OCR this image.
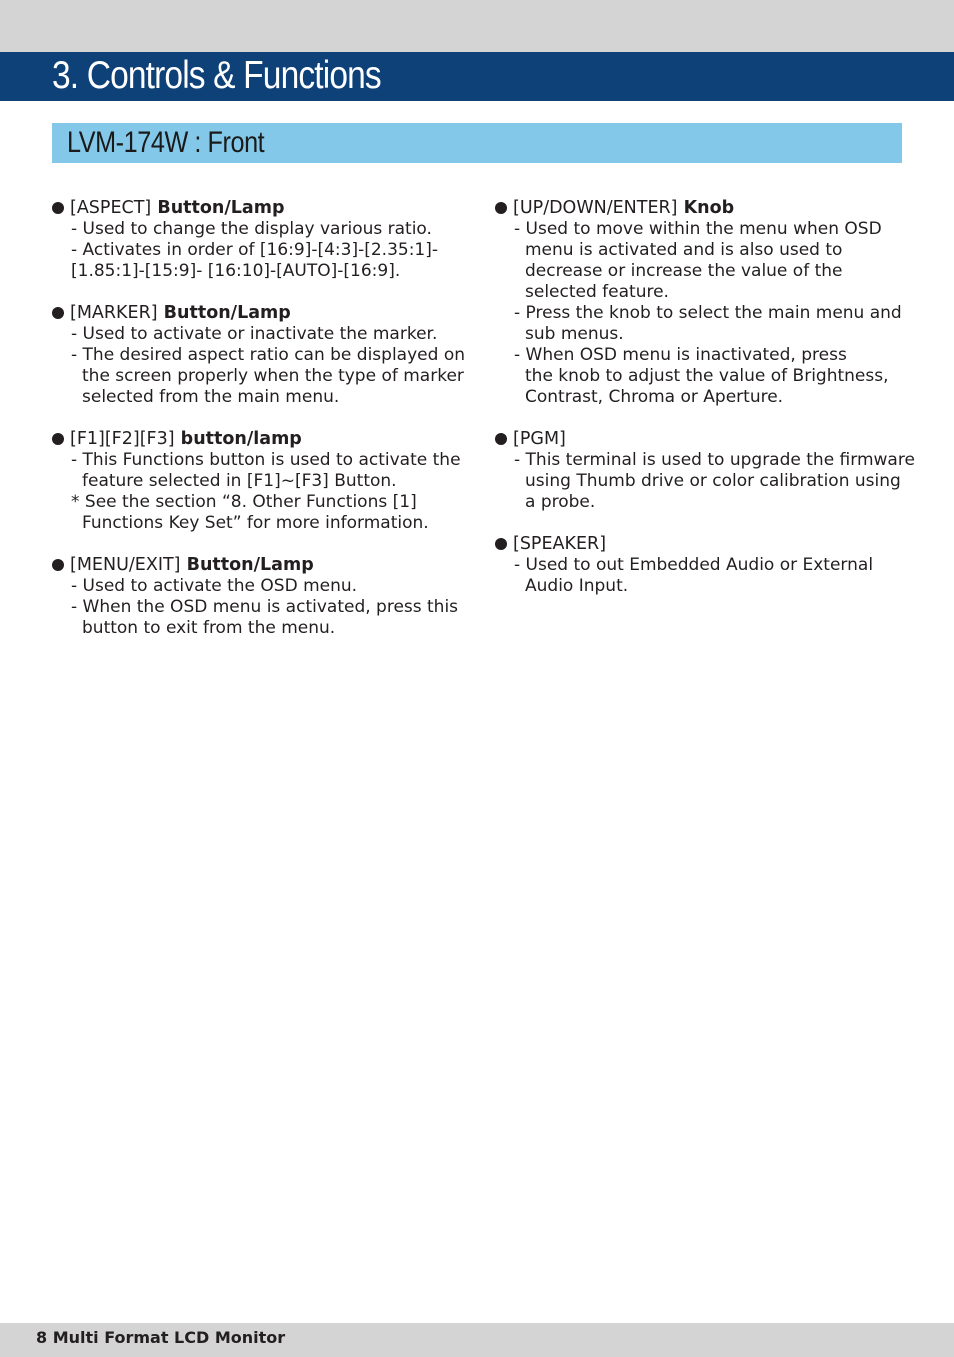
3. Controls & Functions
LVM-174W : Front
[ASPECT] Button/Lamp
- Used to change the display various ratio.
- Activates in order of [16:9]-[4:3]-[2.35:1]-
[1.85:1]-[15:9]- [16:10]-[AUTO]-[16:9].
[MARKER] Button/Lamp
- Used to activate or inactivate the marker.
- The desired aspect ratio can be displayed on
the screen properly when the type of marker
selected from the main menu.
[F1][F2][F3] button/lamp
- This Functions button is used to activate the
feature selected in [F1]~[F3] Button.
* See the section “8. Other Functions [1]
Functions Key Set” for more information.
[MENU/EXIT] Button/Lamp
- Used to activate the OSD menu.
- When the OSD menu is activated, press this
button to exit from the menu.
[UP/DOWN/ENTER] Knob
- Used to move within the menu when OSD
menu is activated and is also used to
decrease or increase the value of the
selected feature.
- Press the knob to select the main menu and
sub menus.
- When OSD menu is inactivated, press
the knob to adjust the value of Brightness,
Contrast, Chroma or Aperture.
[PGM]
- This terminal is used to upgrade the firmware
using Thumb drive or color calibration using
a probe.
[SPEAKER]
- Used to out Embedded Audio or External
Audio Input.
8 Multi Format LCD Monitor
